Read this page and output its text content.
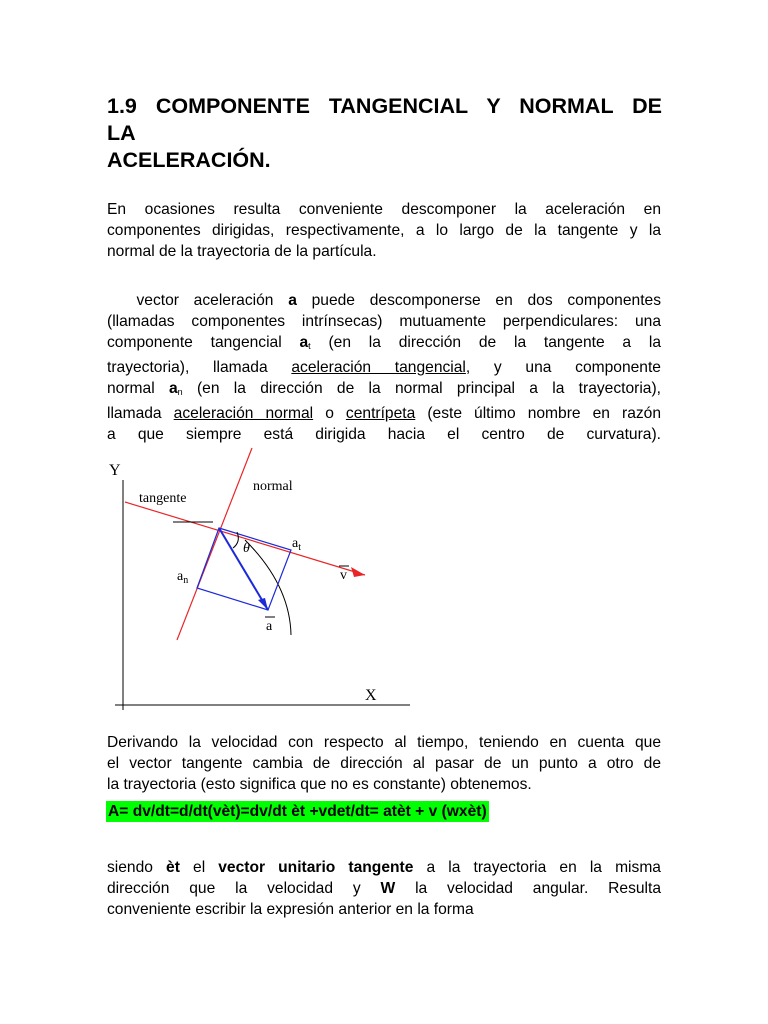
1.9 COMPONENTE TANGENCIAL Y NORMAL DE
LA
ACELERACIÓN.
En ocasiones resulta conveniente descomponer la aceleración en
componentes dirigidas, respectivamente, a lo largo de la tangente y la
normal de la trayectoria de la partícula.
vector aceleración a puede descomponerse en dos componentes
(llamadas componentes intrínsecas) mutuamente perpendiculares: una
componente tangencial $a_t$ (en la dirección de la tangente a la
trayectoria), llamada aceleración tangencial, y una componente
normal $a_n$ (en la dirección de la normal principal a la trayectoria),
llamada aceleración normal o centrípeta (este último nombre en razón
a que siempre está dirigida hacia el centro de curvatura).
Y
X
tangente
normal
θ	$a_t$
$a_n$	v
a
Derivando la velocidad con respecto al tiempo, teniendo en cuenta que
el vector tangente cambia de dirección al pasar de un punto a otro de
la trayectoria (esto significa que no es constante) obtenemos.
A= dv/dt=d/dt(vèt)=dv/dt èt +vdet/dt= atèt + v (wxèt)
siendo èt el vector unitario tangente a la trayectoria en la misma
dirección que la velocidad y W la velocidad angular. Resulta
conveniente escribir la expresión anterior en la forma
